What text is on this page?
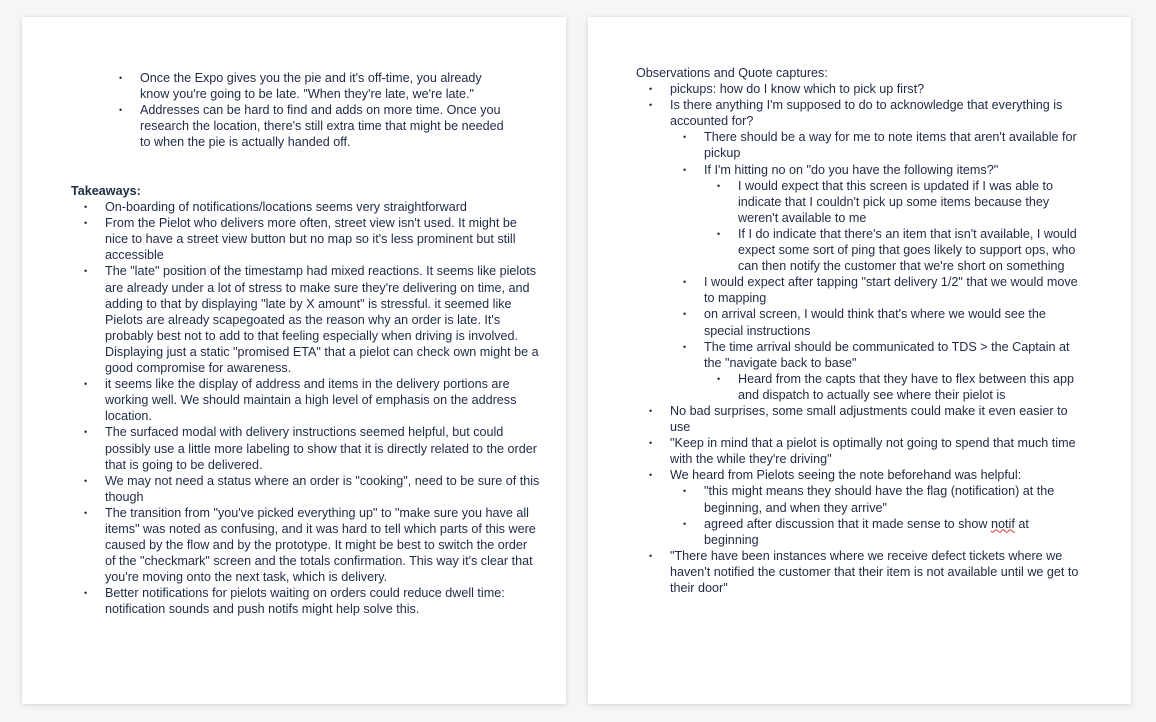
• Once the Expo gives you the pie and it's off-time, you already know you're going to be late. "When they're late, we're late."
• Addresses can be hard to find and adds on more time. Once you research the location, there's still extra time that might be needed to when the pie is actually handed off.
Takeaways:
• On-boarding of notifications/locations seems very straightforward
• From the Pielot who delivers more often, street view isn't used. It might be nice to have a street view button but no map so it's less prominent but still accessible
• The "late" position of the timestamp had mixed reactions. It seems like pielots are already under a lot of stress to make sure they're delivering on time, and adding to that by displaying "late by X amount" is stressful. it seemed like Pielots are already scapegoated as the reason why an order is late. It's probably best not to add to that feeling especially when driving is involved. Displaying just a static "promised ETA" that a pielot can check own might be a good compromise for awareness.
• it seems like the display of address and items in the delivery portions are working well. We should maintain a high level of emphasis on the address location.
• The surfaced modal with delivery instructions seemed helpful, but could possibly use a little more labeling to show that it is directly related to the order that is going to be delivered.
• We may not need a status where an order is "cooking", need to be sure of this though
• The transition from "you've picked everything up" to "make sure you have all items" was noted as confusing, and it was hard to tell which parts of this were caused by the flow and by the prototype. It might be best to switch the order of the "checkmark" screen and the totals confirmation. This way it's clear that you're moving onto the next task, which is delivery.
• Better notifications for pielots waiting on orders could reduce dwell time: notification sounds and push notifs might help solve this.
Observations and Quote captures:
• pickups: how do I know which to pick up first?
• Is there anything I'm supposed to do to acknowledge that everything is accounted for?
• There should be a way for me to note items that aren't available for pickup
• If I'm hitting no on "do you have the following items?"
• I would expect that this screen is updated if I was able to indicate that I couldn't pick up some items because they weren't available to me
• If I do indicate that there's an item that isn't available, I would expect some sort of ping that goes likely to support ops, who can then notify the customer that we're short on something
• I would expect after tapping "start delivery 1/2" that we would move to mapping
• on arrival screen, I would think that's where we would see the special instructions
• The time arrival should be communicated to TDS > the Captain at the "navigate back to base"
• Heard from the capts that they have to flex between this app and dispatch to actually see where their pielot is
• No bad surprises, some small adjustments could make it even easier to use
• "Keep in mind that a pielot is optimally not going to spend that much time with the while they're driving"
• We heard from Pielots seeing the note beforehand was helpful:
• "this might means they should have the flag (notification) at the beginning, and when they arrive"
• agreed after discussion that it made sense to show notif at beginning
• "There have been instances where we receive defect tickets where we haven't notified the customer that their item is not available until we get to their door"
